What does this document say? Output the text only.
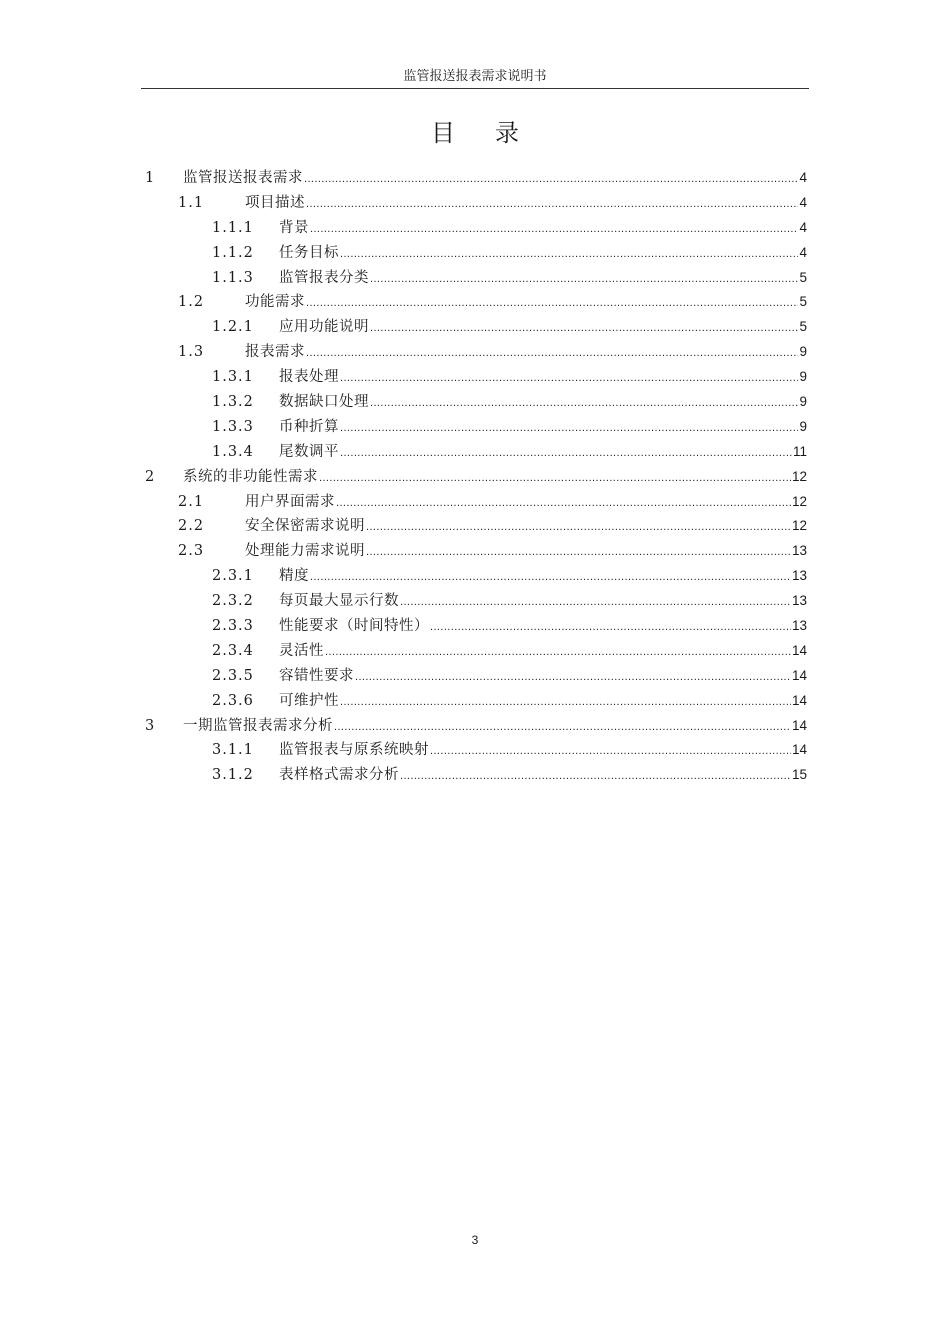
监管报送报表需求说明书
目 录
1	监管报送报表需求 .....	4
1.1	项目描述 .....	4
1.1.1	背景 .....	4
1.1.2	任务目标 .....	4
1.1.3	监管报表分类 .....	5
1.2	功能需求 .....	5
1.2.1	应用功能说明 .....	5
1.3	报表需求 .....	9
1.3.1	报表处理 .....	9
1.3.2	数据缺口处理 .....	9
1.3.3	币种折算 .....	9
1.3.4	尾数调平 .....	11
2	系统的非功能性需求 .....	12
2.1	用户界面需求 .....	12
2.2	安全保密需求说明 .....	12
2.3	处理能力需求说明 .....	13
2.3.1	精度 .....	13
2.3.2	每页最大显示行数 .....	13
2.3.3	性能要求（时间特性） .....	13
2.3.4	灵活性 .....	14
2.3.5	容错性要求 .....	14
2.3.6	可维护性 .....	14
3	一期监管报表需求分析 .....	14
3.1.1	监管报表与原系统映射 .....	14
3.1.2	表样格式需求分析 .....	15
3
